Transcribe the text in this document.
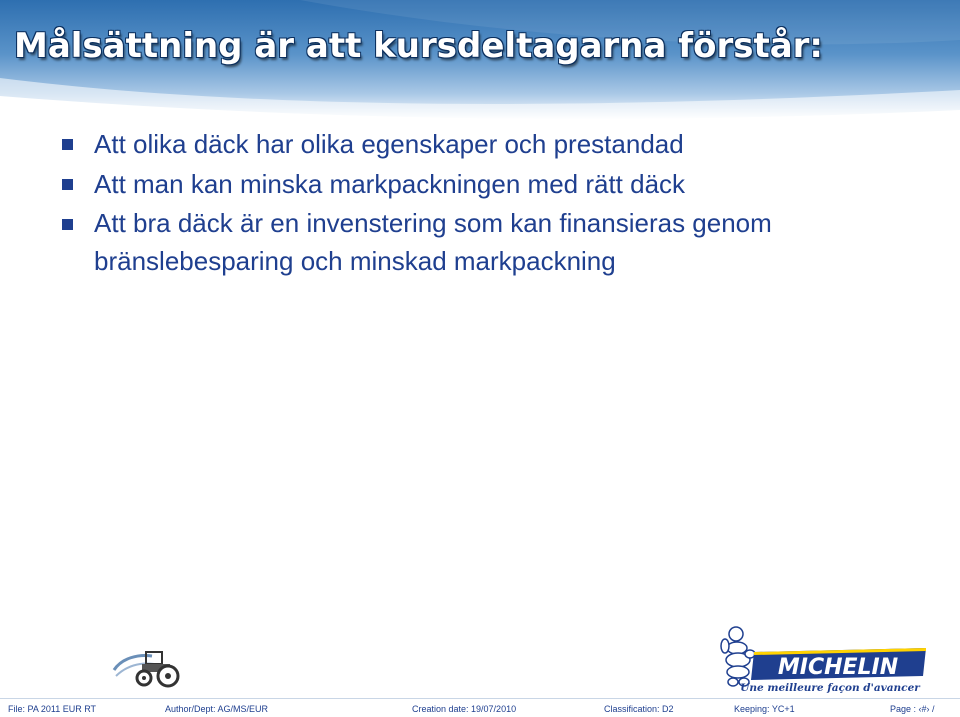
Målsättning är att kursdeltagarna förstår:
Att olika däck har olika egenskaper och prestandad
Att man kan minska markpackningen med rätt däck
Att bra däck är en invenstering som kan finansieras genom bränslebesparing och minskad markpackning
MICHELIN
Une meilleure façon d'avancer
File: PA 2011 EUR RT	Author/Dept: AG/MS/EUR	Creation date: 19/07/2010	Classification: D2	Keeping: YC+1	Page : ‹#› /
